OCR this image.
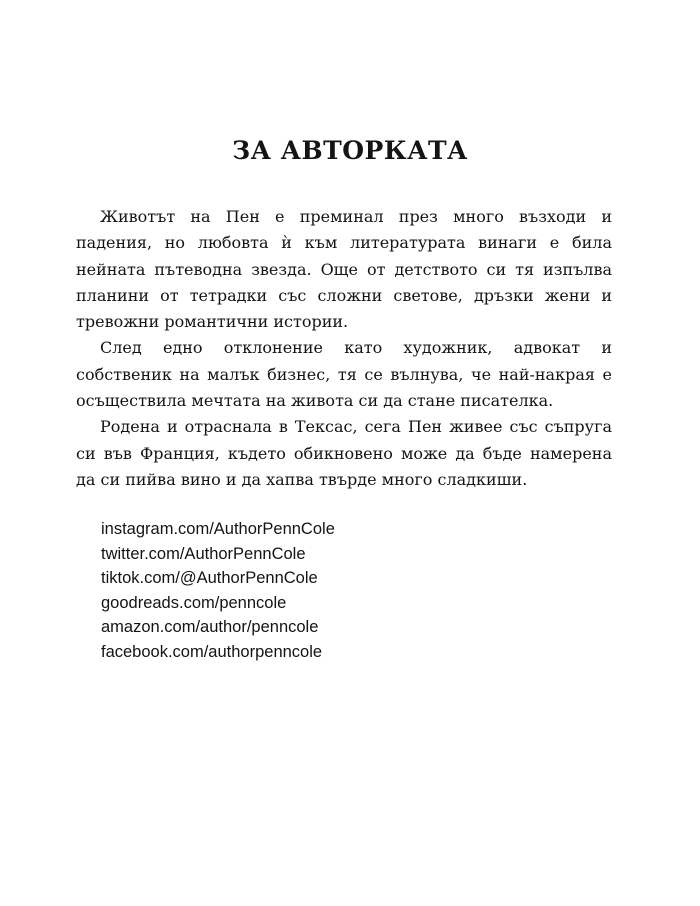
ЗА АВТОРКАТА

Животът на Пен е преминал през много възходи и падения, но любовта ѝ към литературата винаги е била нейната пътеводна звезда. Още от детството си тя изпълва планини от тетрадки със сложни светове, дръзки жени и тревожни романтични истории.

След едно отклонение като художник, адвокат и собственик на малък бизнес, тя се вълнува, че най-накрая е осъществила мечтата на живота си да стане писателка.

Родена и отраснала в Тексас, сега Пен живее със съпруга си във Франция, където обикновено може да бъде намерена да си пийва вино и да хапва твърде много сладкиши.

instagram.com/AuthorPennCole
twitter.com/AuthorPennCole
tiktok.com/@AuthorPennCole
goodreads.com/penncole
amazon.com/author/penncole
facebook.com/authorpenncole
